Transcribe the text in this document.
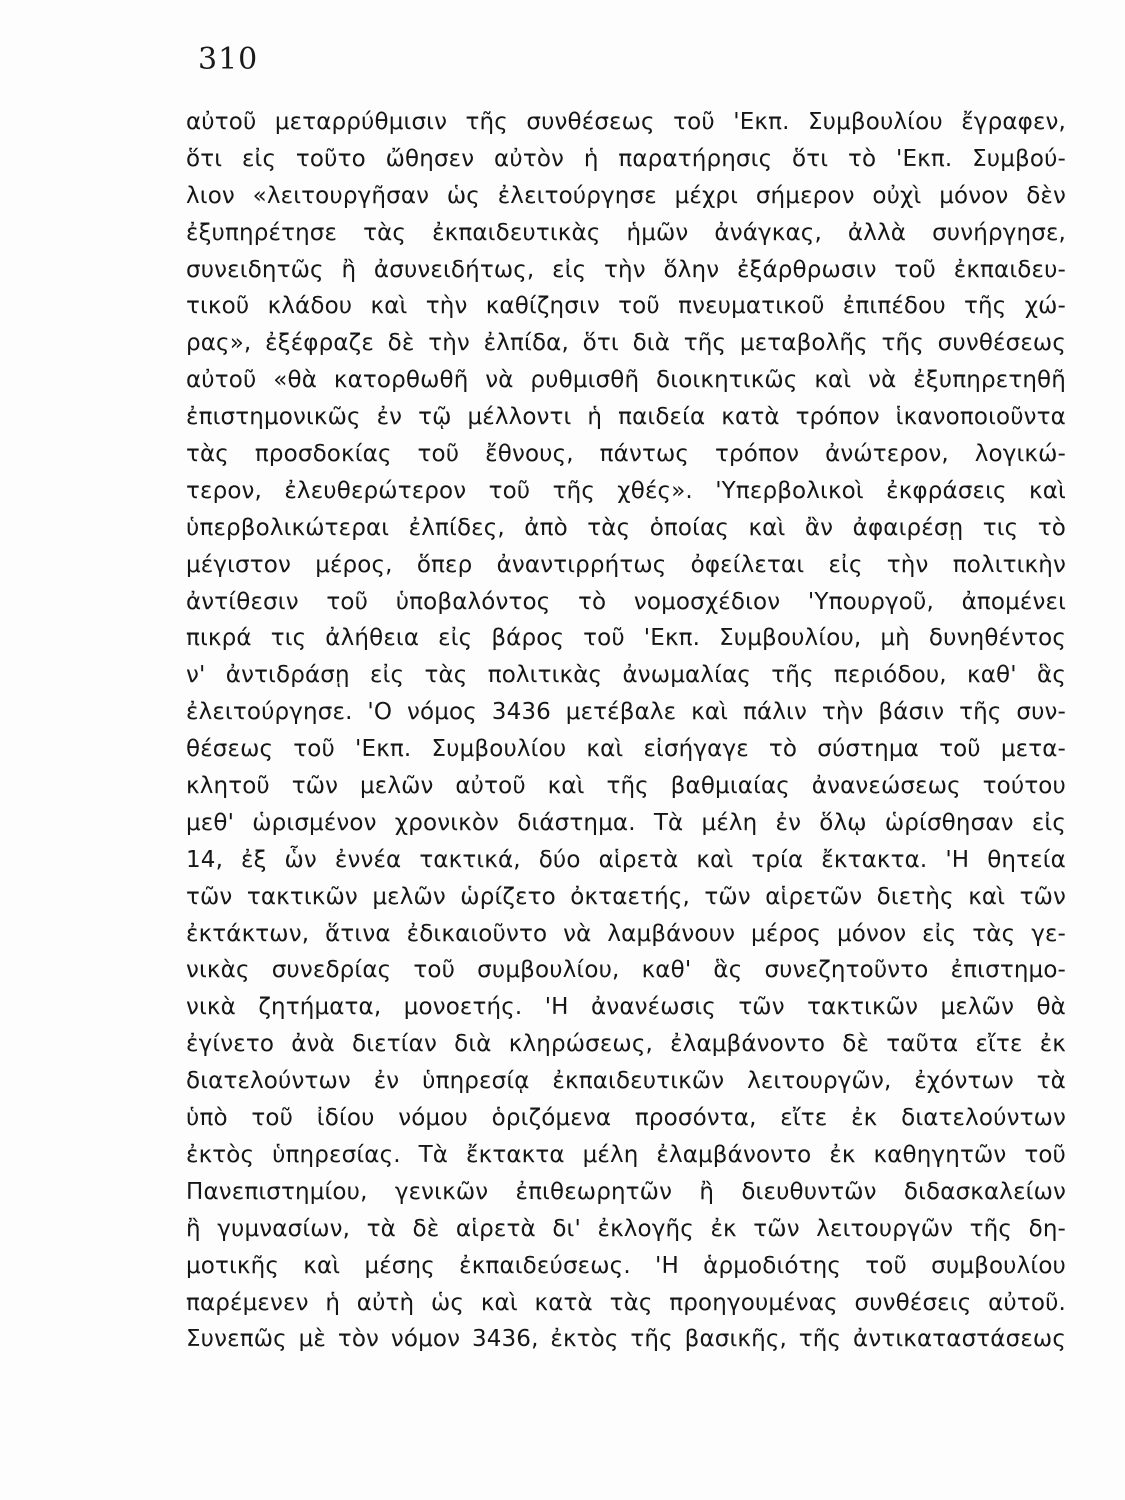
310
αὐτοῦ μεταρρύθμισιν τῆς συνθέσεως τοῦ 'Εκπ. Συμβουλίου ἔγραφεν,
ὅτι εἰς τοῦτο ὤθησεν αὐτὸν ἡ παρατήρησις ὅτι τὸ 'Εκπ. Συμβού-
λιον «λειτουργῆσαν ὡς ἐλειτούργησε μέχρι σήμερον οὐχὶ μόνον δὲν
ἐξυπηρέτησε τὰς ἐκπαιδευτικὰς ἡμῶν ἀνάγκας, ἀλλὰ συνήργησε,
συνειδητῶς ἢ ἀσυνειδήτως, εἰς τὴν ὅλην ἐξάρθρωσιν τοῦ ἐκπαιδευ-
τικοῦ κλάδου καὶ τὴν καθίζησιν τοῦ πνευματικοῦ ἐπιπέδου τῆς χώ-
ρας», ἐξέφραζε δὲ τὴν ἐλπίδα, ὅτι διὰ τῆς μεταβολῆς τῆς συνθέσεως
αὐτοῦ «θὰ κατορθωθῆ νὰ ρυθμισθῆ διοικητικῶς καὶ νὰ ἐξυπηρετηθῆ
ἐπιστημονικῶς ἐν τῷ μέλλοντι ἡ παιδεία κατὰ τρόπον ἱκανοποιοῦντα
τὰς προσδοκίας τοῦ ἔθνους, πάντως τρόπον ἀνώτερον, λογικώ-
τερον, ἐλευθερώτερον τοῦ τῆς χθές». 'Υπερβολικοὶ ἐκφράσεις καὶ
ὑπερβολικώτεραι ἐλπίδες, ἀπὸ τὰς ὁποίας καὶ ἂν ἀφαιρέσῃ τις τὸ
μέγιστον μέρος, ὅπερ ἀναντιρρήτως ὀφείλεται εἰς τὴν πολιτικὴν
ἀντίθεσιν τοῦ ὑποβαλόντος τὸ νομοσχέδιον 'Υπουργοῦ, ἀπομένει
πικρά τις ἀλήθεια εἰς βάρος τοῦ 'Εκπ. Συμβουλίου, μὴ δυνηθέντος
ν' ἀντιδράσῃ εἰς τὰς πολιτικὰς ἀνωμαλίας τῆς περιόδου, καθ' ἃς
ἐλειτούργησε. 'Ο νόμος 3436 μετέβαλε καὶ πάλιν τὴν βάσιν τῆς συν-
θέσεως τοῦ 'Εκπ. Συμβουλίου καὶ εἰσήγαγε τὸ σύστημα τοῦ μετα-
κλητοῦ τῶν μελῶν αὐτοῦ καὶ τῆς βαθμιαίας ἀνανεώσεως τούτου
μεθ' ὡρισμένον χρονικὸν διάστημα. Τὰ μέλη ἐν ὅλῳ ὡρίσθησαν εἰς
14, ἐξ ὧν ἐννέα τακτικά, δύο αἱρετὰ καὶ τρία ἔκτακτα. 'Η θητεία
τῶν τακτικῶν μελῶν ὡρίζετο ὀκταετής, τῶν αἱρετῶν διετὴς καὶ τῶν
ἐκτάκτων, ἅτινα ἐδικαιοῦντο νὰ λαμβάνουν μέρος μόνον εἰς τὰς γε-
νικὰς συνεδρίας τοῦ συμβουλίου, καθ' ἃς συνεζητοῦντο ἐπιστημο-
νικὰ ζητήματα, μονοετής. 'Η ἀνανέωσις τῶν τακτικῶν μελῶν θὰ
ἐγίνετο ἀνὰ διετίαν διὰ κληρώσεως, ἐλαμβάνοντο δὲ ταῦτα εἴτε ἐκ
διατελούντων ἐν ὑπηρεσίᾳ ἐκπαιδευτικῶν λειτουργῶν, ἐχόντων τὰ
ὑπὸ τοῦ ἰδίου νόμου ὁριζόμενα προσόντα, εἴτε ἐκ διατελούντων
ἐκτὸς ὑπηρεσίας. Τὰ ἔκτακτα μέλη ἐλαμβάνοντο ἐκ καθηγητῶν τοῦ
Πανεπιστημίου, γενικῶν ἐπιθεωρητῶν ἢ διευθυντῶν διδασκαλείων
ἢ γυμνασίων, τὰ δὲ αἱρετὰ δι' ἐκλογῆς ἐκ τῶν λειτουργῶν τῆς δη-
μοτικῆς καὶ μέσης ἐκπαιδεύσεως. 'Η ἁρμοδιότης τοῦ συμβουλίου
παρέμενεν ἡ αὐτὴ ὡς καὶ κατὰ τὰς προηγουμένας συνθέσεις αὐτοῦ.
Συνεπῶς μὲ τὸν νόμον 3436, ἐκτὸς τῆς βασικῆς, τῆς ἀντικαταστάσεως
